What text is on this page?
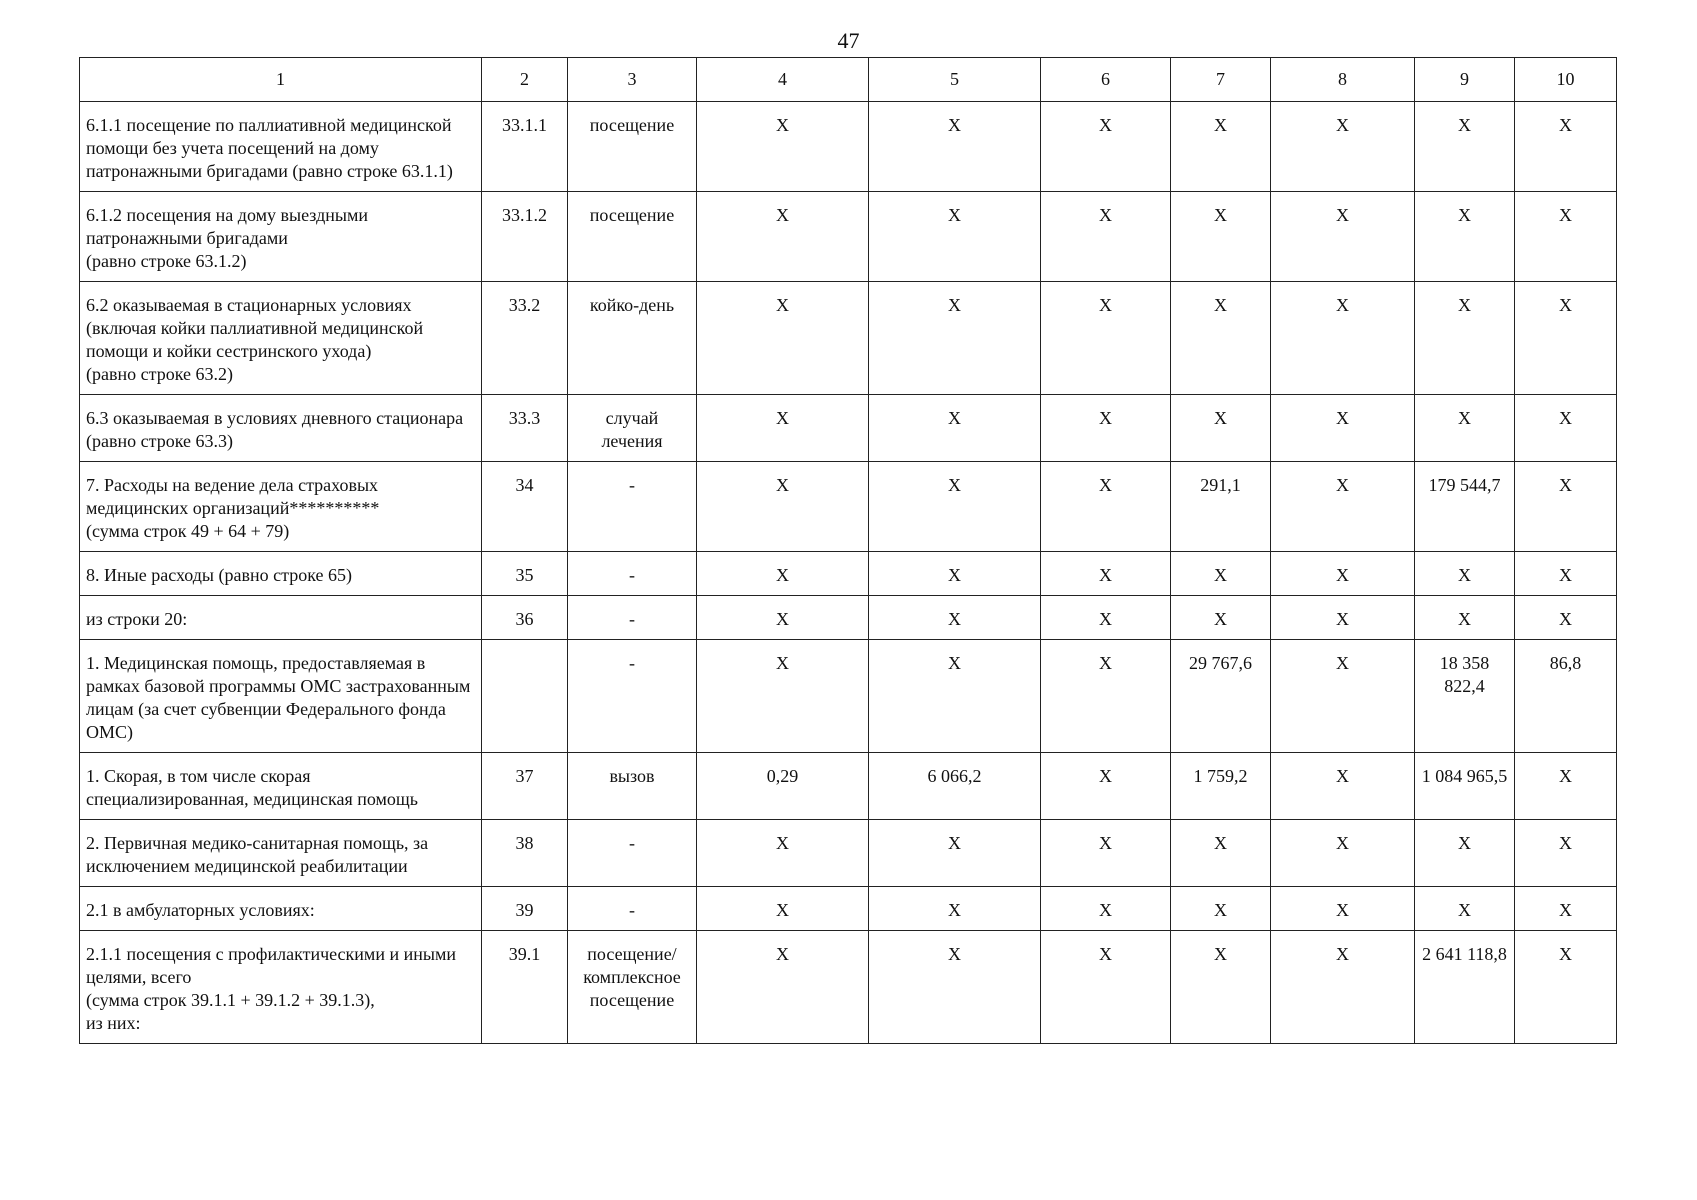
47
1	2	3	4	5	6	7	8	9	10
6.1.1 посещение по паллиативной медицинской помощи без учета посещений на дому патронажными бригадами (равно строке 63.1.1)	33.1.1	посещение	X	X	X	X	X	X	X
6.1.2 посещения на дому выездными патронажными бригадами
(равно строке 63.1.2)	33.1.2	посещение	X	X	X	X	X	X	X
6.2 оказываемая в стационарных условиях (включая койки паллиативной медицинской помощи и койки сестринского ухода)
(равно строке 63.2)	33.2	койко-день	X	X	X	X	X	X	X
6.3 оказываемая в условиях дневного стационара (равно строке 63.3)	33.3	случай лечения	X	X	X	X	X	X	X
7. Расходы на ведение дела страховых медицинских организаций**********
(сумма строк 49 + 64 + 79)	34	-	X	X	X	291,1	X	179 544,7	X
8. Иные расходы (равно строке 65)	35	-	X	X	X	X	X	X	X
из строки 20:	36	-	X	X	X	X	X	X	X
1. Медицинская помощь, предоставляемая в рамках базовой программы ОМС застрахованным лицам (за счет субвенции Федерального фонда ОМС)		-	X	X	X	29 767,6	X	18 358 822,4	86,8
1. Скорая, в том числе скорая специализированная, медицинская помощь	37	вызов	0,29	6 066,2	X	1 759,2	X	1 084 965,5	X
2. Первичная медико-санитарная помощь, за исключением медицинской реабилитации	38	-	X	X	X	X	X	X	X
2.1 в амбулаторных условиях:	39	-	X	X	X	X	X	X	X
2.1.1 посещения с профилактическими и иными целями, всего
(сумма строк 39.1.1 + 39.1.2 + 39.1.3),
из них:	39.1	посещение/ комплексное посещение	X	X	X	X	X	2 641 118,8	X
